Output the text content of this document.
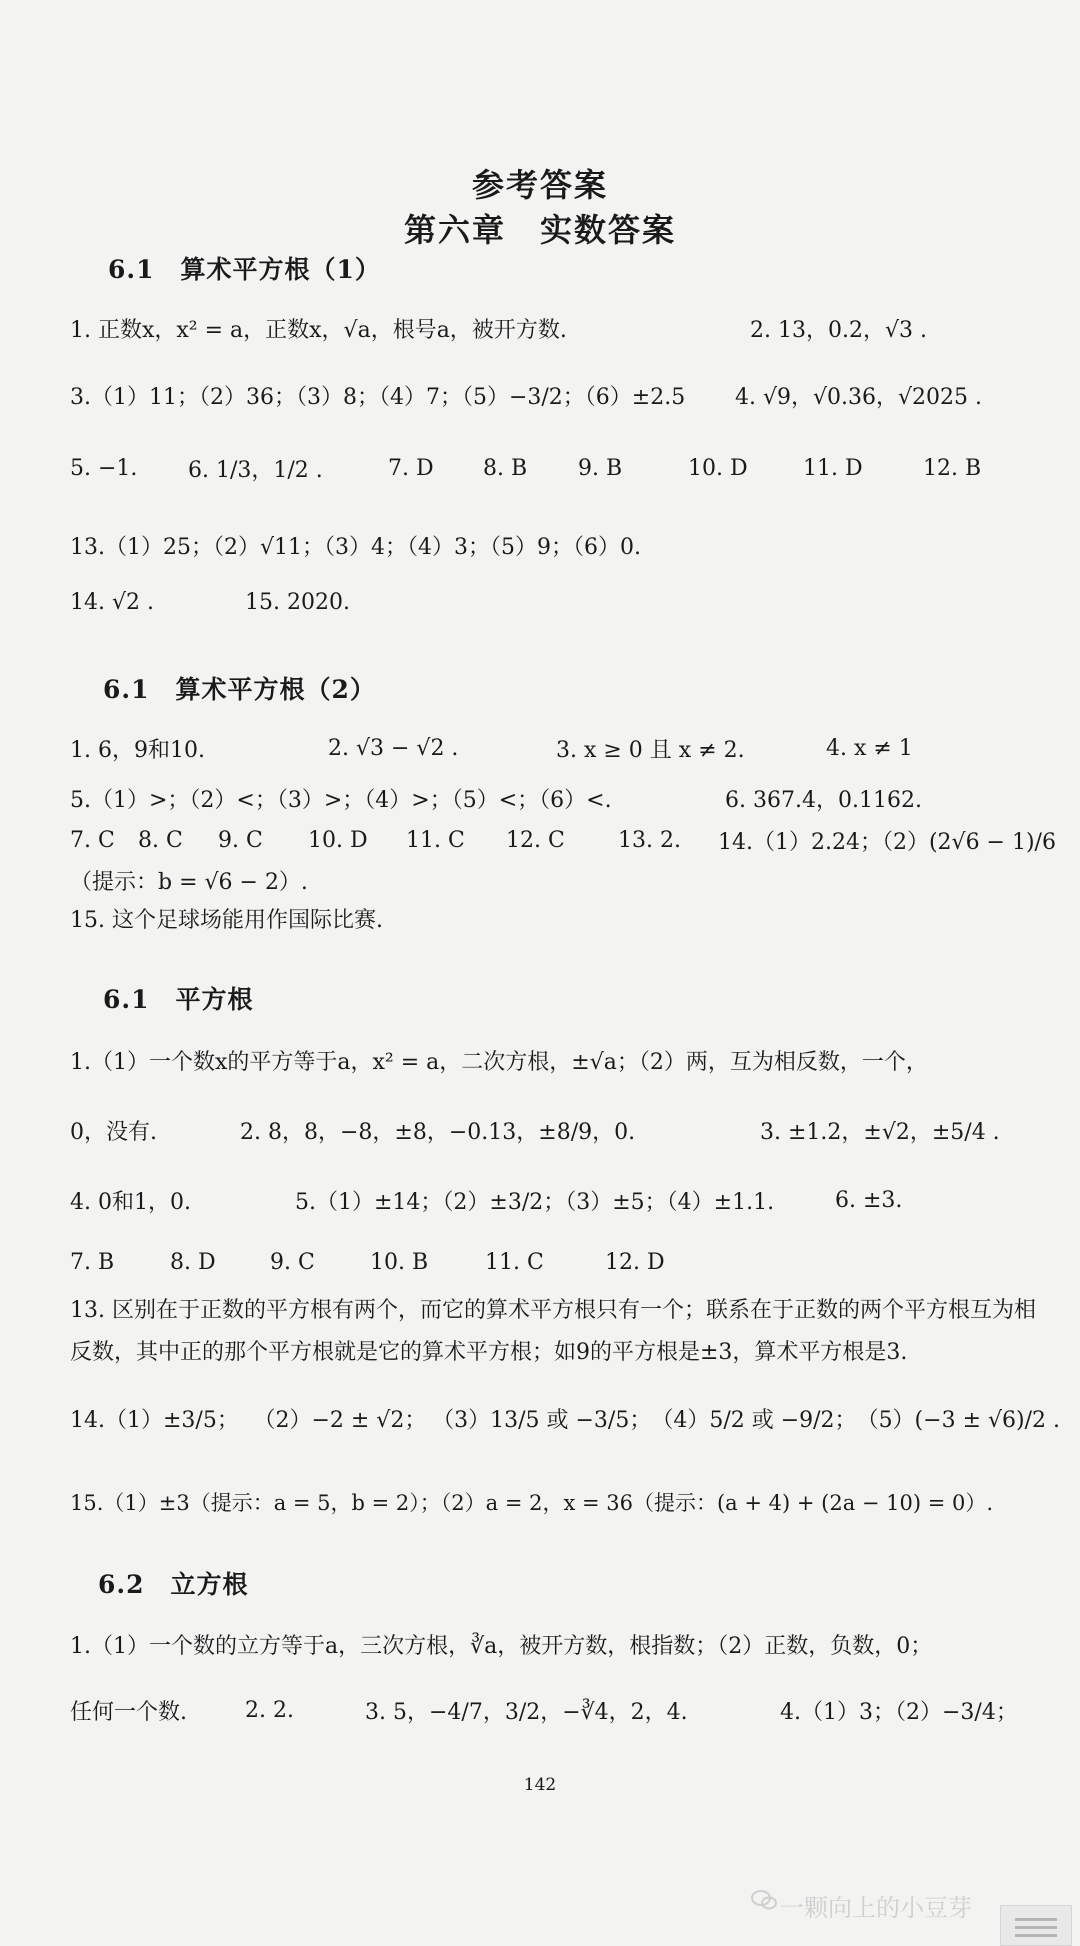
参考答案
第六章　实数答案
6.1　算术平方根（1）
1. 正数x，x² = a，正数x，√a，根号a，被开方数.	2. 13，0.2，√3 .
3.（1）11；（2）36；（3）8；（4）7；（5）−3/2；（6）±2.5	4. √9，√0.36，√2025 .
5. −1.	6. 1/3，1/2 .	7. D	8. B	9. B	10. D	11. D	12. B
13.（1）25；（2）√11；（3）4；（4）3；（5）9；（6）0.
14. √2 .	15. 2020.
6.1　算术平方根（2）
1. 6，9和10.	2. √3 − √2 .	3. x ≥ 0 且 x ≠ 2.	4. x ≠ 1
5.（1）>；（2）<；（3）>；（4）>；（5）<；（6）<.	6. 367.4，0.1162.
7. C	8. C	9. C	10. D	11. C	12. C	13. 2.	14.（1）2.24；（2）(2√6 − 1)/6
（提示：b = √6 − 2）.
15. 这个足球场能用作国际比赛.
6.1　平方根
1.（1）一个数x的平方等于a，x² = a，二次方根，±√a；（2）两，互为相反数，一个，
0，没有.	2. 8，8，−8，±8，−0.13，±8/9，0.	3. ±1.2，±√2，±5/4 .
4. 0和1，0.	5.（1）±14；（2）±3/2；（3）±5；（4）±1.1.	6. ±3.
7. B	8. D	9. C	10. B	11. C	12. D
13. 区别在于正数的平方根有两个，而它的算术平方根只有一个；联系在于正数的两个平方根互为相反数，其中正的那个平方根就是它的算术平方根；如9的平方根是±3，算术平方根是3.
14.（1）±3/5； （2）−2 ± √2； （3）13/5 或 −3/5； （4）5/2 或 −9/2； （5）(−3 ± √6)/2 .
15.（1）±3（提示：a = 5，b = 2）；（2）a = 2，x = 36（提示：(a + 4) + (2a − 10) = 0）.
6.2　立方根
1.（1）一个数的立方等于a，三次方根，∛a，被开方数，根指数；（2）正数，负数，0；
任何一个数.	2. 2.	3. 5，−4/7，3/2，−∛4，2，4.	4.（1）3；（2）−3/4；
142
一颗向上的小豆芽
